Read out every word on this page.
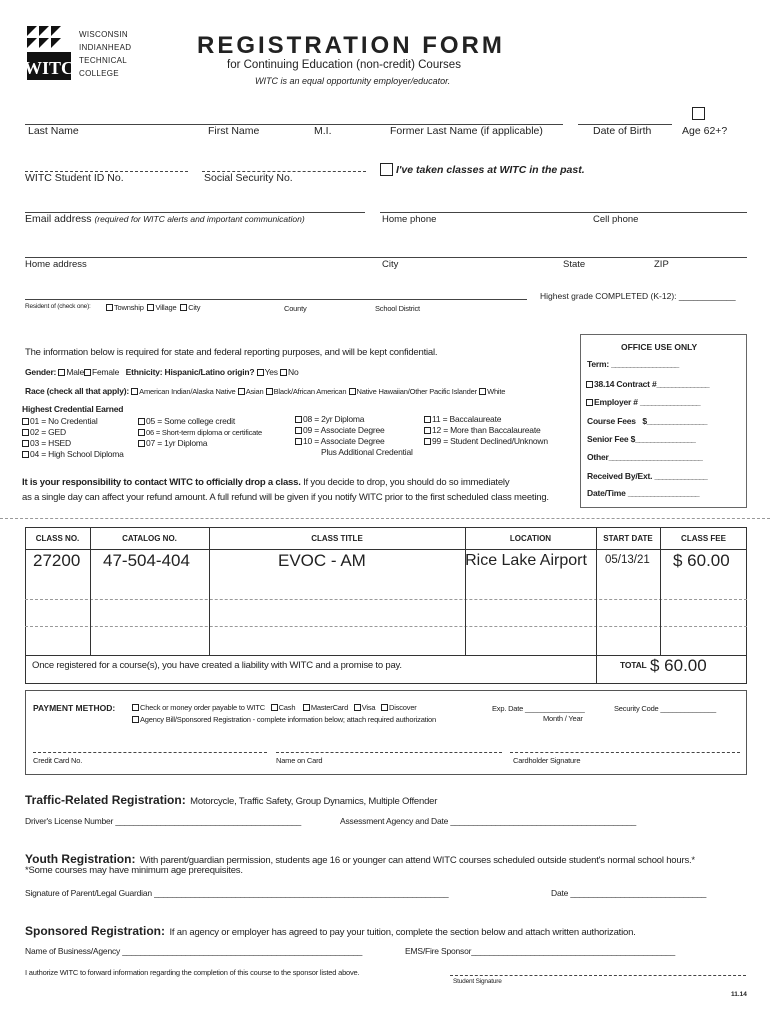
WITC
WISCONSIN
INDIANHEAD
TECHNICAL
COLLEGE
REGISTRATION FORM
for Continuing Education (non-credit) Courses
WITC is an equal opportunity employer/educator.
Last Name	First Name	M.I.	Former Last Name (if applicable)	Date of Birth	Age 62+?
WITC Student ID No.	Social Security No.
I've taken classes at WITC in the past.
Email address (required for WITC alerts and important communication)	Home phone	Cell phone
Home address	City	State	ZIP
Highest grade COMPLETED (K-12): ____________
Resident of (check one):	Township Village City	County	School District
The information below is required for state and federal reporting purposes, and will be kept confidential.
Gender: Male Female Ethnicity: Hispanic/Latino origin? Yes No
Race (check all that apply): American Indian/Alaska Native Asian Black/African American Native Hawaiian/Other Pacific Islander White
Highest Credential Earned
01 = No Credential
02 = GED
03 = HSED
04 = High School Diploma
05 = Some college credit
06 = Short-term diploma or certificate
07 = 1yr Diploma
08 = 2yr Diploma
09 = Associate Degree
10 = Associate Degree
Plus Additional Credential
11 = Baccalaureate
12 = More than Baccalaureate
99 = Student Declined/Unknown
It is your responsibility to contact WITC to officially drop a class. If you decide to drop, you should do so immediately
as a single day can affect your refund amount. A full refund will be given if you notify WITC prior to the first scheduled class meeting.
OFFICE USE ONLY
Term: __________________
38.14 Contract #______________
Employer # ________________
Course Fees $________________
Senior Fee $________________
Other_________________________
Received By/Ext. ______________
Date/Time ___________________
CLASS NO.	CATALOG NO.	CLASS TITLE	LOCATION	START DATE	CLASS FEE
27200 47-504-404	EVOC - AM	Rice Lake Airport	05/13/21 $ 60.00
Once registered for a course(s), you have created a liability with WITC and a promise to pay.	TOTAL $ 60.00
PAYMENT METHOD:	Check or money order payable to WITC Cash MasterCard Visa Discover
Agency Bill/Sponsored Registration - complete information below; attach required authorization
Exp. Date _______________
Month / Year
Security Code ______________
Credit Card No.	Name on Card	Cardholder Signature
Traffic-Related Registration: Motorcycle, Traffic Safety, Group Dynamics, Multiple Offender
Driver's License Number _________________________________________	Assessment Agency and Date _________________________________________
Youth Registration: With parent/guardian permission, students age 16 or younger can attend WITC courses scheduled outside student's normal school hours.*
*Some courses may have minimum age prerequisites.
Signature of Parent/Legal Guardian _________________________________________________________________	Date ______________________________
Sponsored Registration: If an agency or employer has agreed to pay your tuition, complete the section below and attach written authorization.
Name of Business/Agency _____________________________________________________	EMS/Fire Sponsor_____________________________________________
I authorize WITC to forward information regarding the completion of this course to the sponsor listed above.
Student Signature
11.14
